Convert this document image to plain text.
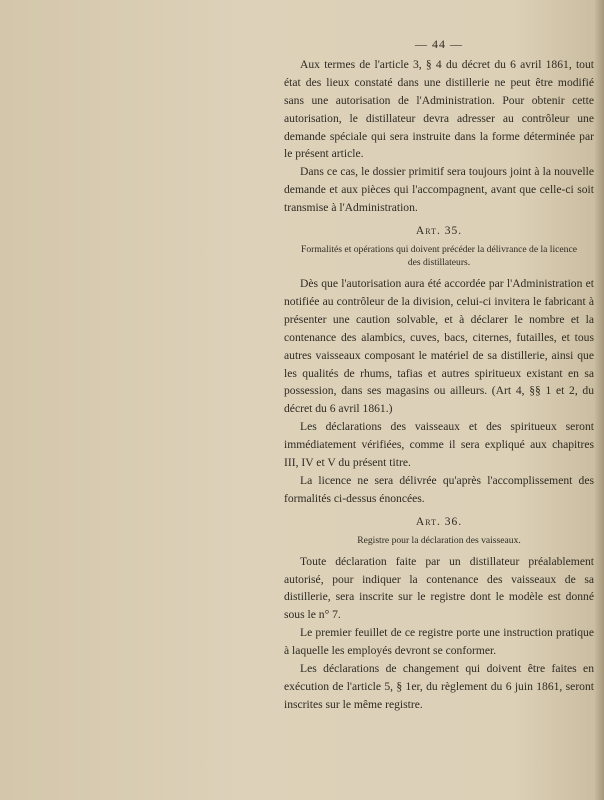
— 44 —

Aux termes de l'article 3, § 4 du décret du 6 avril 1861, tout état des lieux constaté dans une distillerie ne peut être modifié sans une autorisation de l'Administration. Pour obtenir cette autorisation, le distillateur devra adresser au contrôleur une demande spéciale qui sera instruite dans la forme déterminée par le présent article.

Dans ce cas, le dossier primitif sera toujours joint à la nouvelle demande et aux pièces qui l'accompagnent, avant que celle-ci soit transmise à l'Administration.

Art. 35.
Formalités et opérations qui doivent précéder la délivrance de la licence des distillateurs.

Dès que l'autorisation aura été accordée par l'Administration et notifiée au contrôleur de la division, celui-ci invitera le fabricant à présenter une caution solvable, et à déclarer le nombre et la contenance des alambics, cuves, bacs, citernes, futailles, et tous autres vaisseaux composant le matériel de sa distillerie, ainsi que les qualités de rhums, tafias et autres spiritueux existant en sa possession, dans ses magasins ou ailleurs. (Art 4, §§ 1 et 2, du décret du 6 avril 1861.)

Les déclarations des vaisseaux et des spiritueux seront immédiatement vérifiées, comme il sera expliqué aux chapitres III, IV et V du présent titre.

La licence ne sera délivrée qu'après l'accomplissement des formalités ci-dessus énoncées.

Art. 36.
Registre pour la déclaration des vaisseaux.

Toute déclaration faite par un distillateur préalablement autorisé, pour indiquer la contenance des vaisseaux de sa distillerie, sera inscrite sur le registre dont le modèle est donné sous le n° 7.

Le premier feuillet de ce registre porte une instruction pratique à laquelle les employés devront se conformer.

Les déclarations de changement qui doivent être faites en exécution de l'article 5, § 1er, du règlement du 6 juin 1861, seront inscrites sur le même registre.
